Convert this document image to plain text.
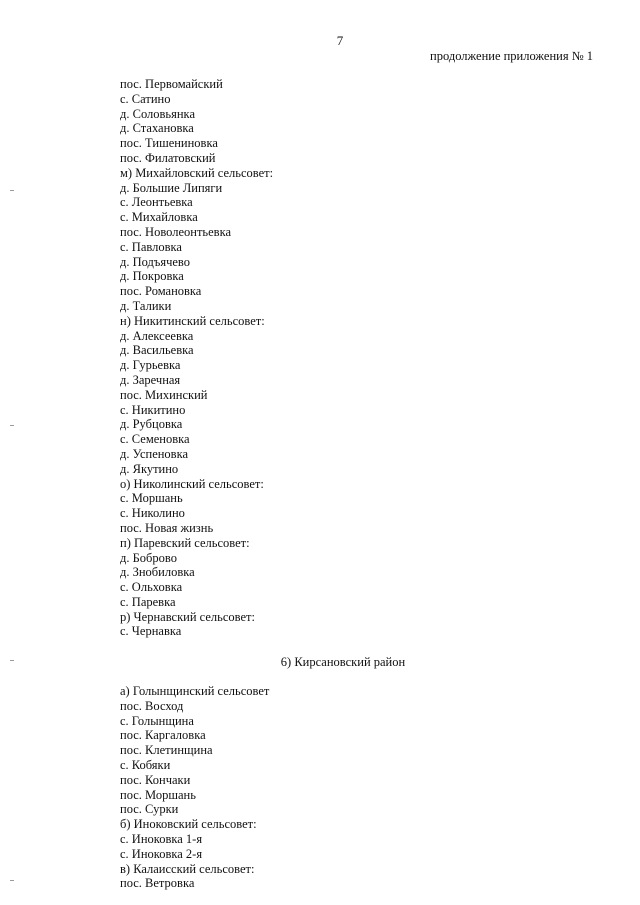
7
продолжение приложения № 1
пос. Первомайский
с. Сатино
д. Соловьянка
д. Стахановка
пос. Тишениновка
пос. Филатовский
м) Михайловский сельсовет:
д. Большие Липяги
с. Леонтьевка
с. Михайловка
пос. Новолеонтьевка
с. Павловка
д. Подъячево
д. Покровка
пос. Романовка
д. Талики
н) Никитинский сельсовет:
д. Алексеевка
д. Васильевка
д. Гурьевка
д. Заречная
пос. Михинский
с. Никитино
д. Рубцовка
с. Семеновка
д. Успеновка
д. Якутино
о) Николинский сельсовет:
с. Моршань
с. Николино
пос. Новая жизнь
п) Паревский сельсовет:
д. Боброво
д. Знобиловка
с. Ольховка
с. Паревка
р) Чернавский сельсовет:
с. Чернавка
6) Кирсановский район
а) Голынщинский сельсовет
пос. Восход
с. Голынщина
пос. Каргаловка
пос. Клетинщина
с. Кобяки
пос. Кончаки
пос. Моршань
пос. Сурки
б) Иноковский сельсовет:
с. Иноковка 1-я
с. Иноковка 2-я
в) Калаисский сельсовет:
пос. Ветровка
